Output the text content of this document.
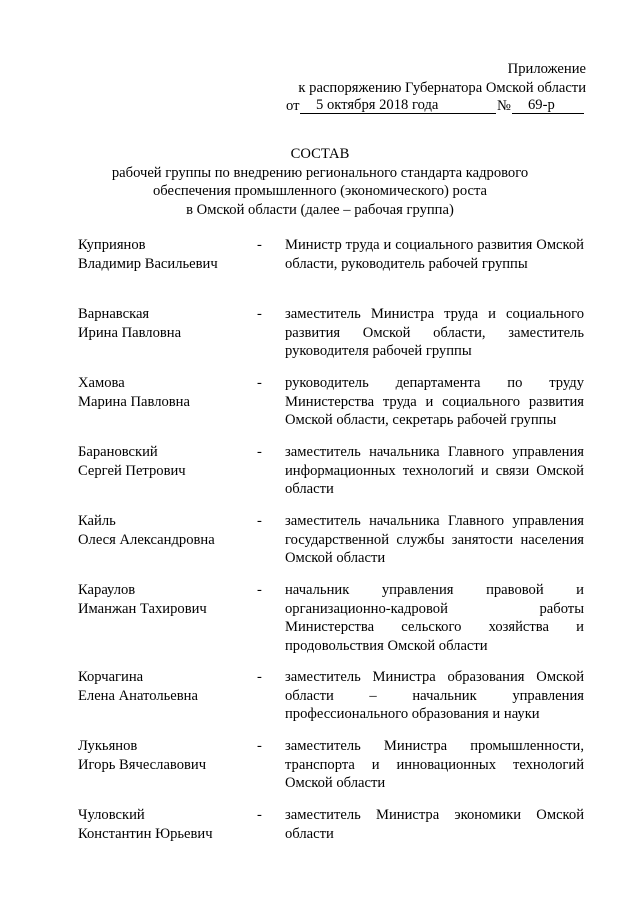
Приложение
к распоряжению Губернатора Омской области
от	5 октября 2018 года	№	69-р
СОСТАВ
рабочей группы по внедрению регионального стандарта кадрового
обеспечения промышленного (экономического) роста
в Омской области (далее – рабочая группа)
Куприянов
Владимир Васильевич
- Министр труда и социального развития Омской области, руководитель рабочей группы
Варнавская
Ирина Павловна
- заместитель Министра труда и социального развития Омской области, заместитель руководителя рабочей группы
Хамова
Марина Павловна
- руководитель департамента по труду Министерства труда и социального развития Омской области, секретарь рабочей группы
Барановский
Сергей Петрович
- заместитель начальника Главного управления информационных технологий и связи Омской области
Кайль
Олеся Александровна
- заместитель начальника Главного управления государственной службы занятости населения Омской области
Караулов
Иманжан Тахирович
- начальник управления правовой и организационно-кадровой работы Министерства сельского хозяйства и продовольствия Омской области
Корчагина
Елена Анатольевна
- заместитель Министра образования Омской области – начальник управления профессионального образования и науки
Лукьянов
Игорь Вячеславович
- заместитель Министра промышленности, транспорта и инновационных технологий Омской области
Чуловский
Константин Юрьевич
- заместитель Министра экономики Омской области
